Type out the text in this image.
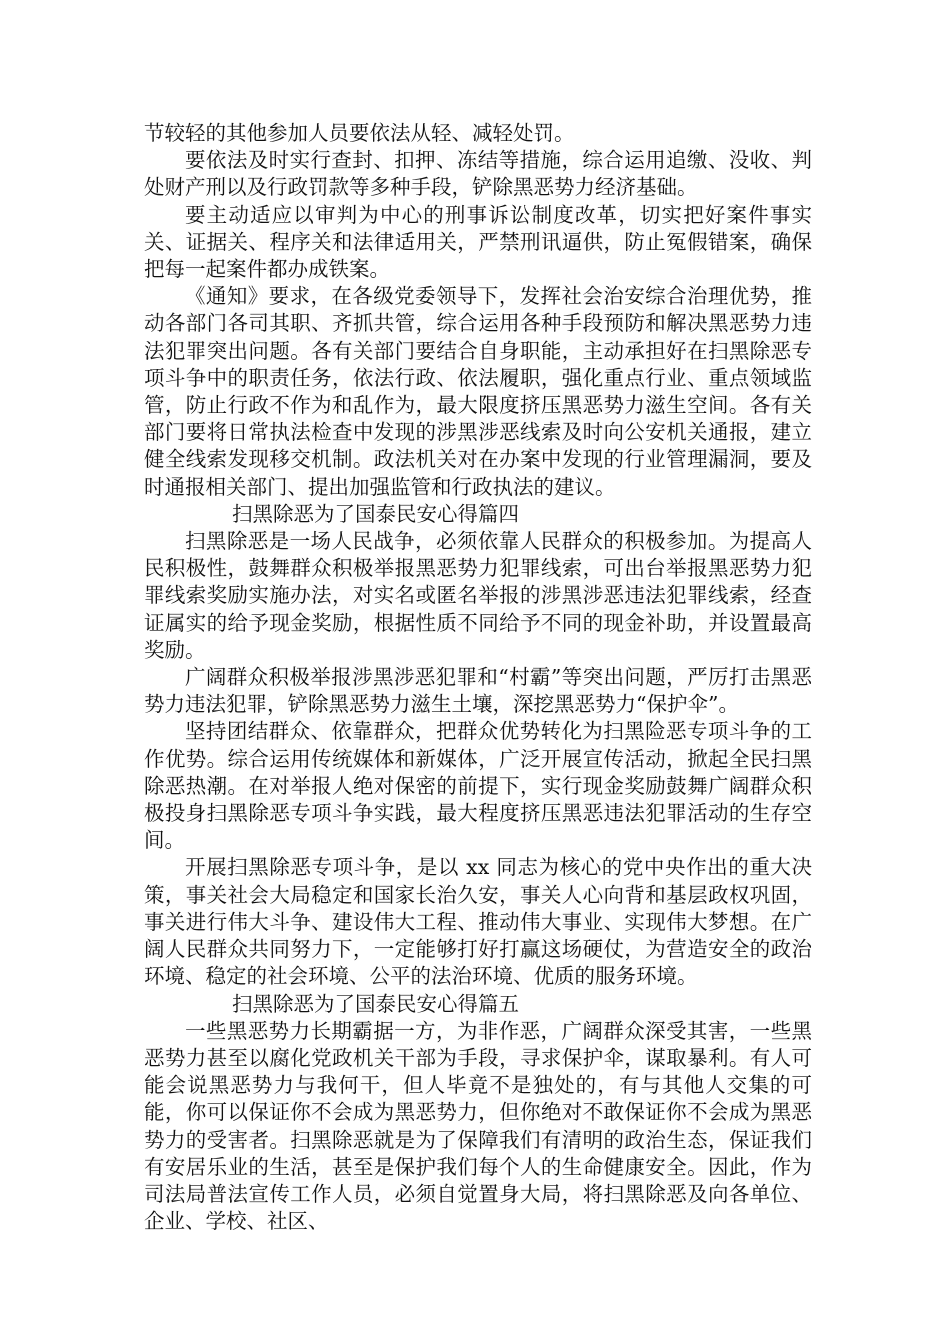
节较轻的其他参加人员要依法从轻、减轻处罚。

要依法及时实行查封、扣押、冻结等措施，综合运用追缴、没收、判处财产刑以及行政罚款等多种手段，铲除黑恶势力经济基础。

要主动适应以审判为中心的刑事诉讼制度改革，切实把好案件事实关、证据关、程序关和法律适用关，严禁刑讯逼供，防止冤假错案，确保把每一起案件都办成铁案。

《通知》要求，在各级党委领导下，发挥社会治安综合治理优势，推动各部门各司其职、齐抓共管，综合运用各种手段预防和解决黑恶势力违法犯罪突出问题。各有关部门要结合自身职能，主动承担好在扫黑除恶专项斗争中的职责任务，依法行政、依法履职，强化重点行业、重点领域监管，防止行政不作为和乱作为，最大限度挤压黑恶势力滋生空间。各有关部门要将日常执法检查中发现的涉黑涉恶线索及时向公安机关通报，建立健全线索发现移交机制。政法机关对在办案中发现的行业管理漏洞，要及时通报相关部门、提出加强监管和行政执法的建议。

扫黑除恶为了国泰民安心得篇四

扫黑除恶是一场人民战争，必须依靠人民群众的积极参加。为提高人民积极性，鼓舞群众积极举报黑恶势力犯罪线索，可出台举报黑恶势力犯罪线索奖励实施办法，对实名或匿名举报的涉黑涉恶违法犯罪线索，经查证属实的给予现金奖励，根据性质不同给予不同的现金补助，并设置最高奖励。

广阔群众积极举报涉黑涉恶犯罪和“村霸”等突出问题，严厉打击黑恶势力违法犯罪，铲除黑恶势力滋生土壤，深挖黑恶势力“保护伞”。

坚持团结群众、依靠群众，把群众优势转化为扫黑险恶专项斗争的工作优势。综合运用传统媒体和新媒体，广泛开展宣传活动，掀起全民扫黑除恶热潮。在对举报人绝对保密的前提下，实行现金奖励鼓舞广阔群众积极投身扫黑除恶专项斗争实践，最大程度挤压黑恶违法犯罪活动的生存空间。

开展扫黑除恶专项斗争，是以 xx 同志为核心的党中央作出的重大决策，事关社会大局稳定和国家长治久安，事关人心向背和基层政权巩固，事关进行伟大斗争、建设伟大工程、推动伟大事业、实现伟大梦想。在广阔人民群众共同努力下，一定能够打好打赢这场硬仗，为营造安全的政治环境、稳定的社会环境、公平的法治环境、优质的服务环境。

扫黑除恶为了国泰民安心得篇五

一些黑恶势力长期霸据一方，为非作恶，广阔群众深受其害，一些黑恶势力甚至以腐化党政机关干部为手段，寻求保护伞，谋取暴利。有人可能会说黑恶势力与我何干，但人毕竟不是独处的，有与其他人交集的可能，你可以保证你不会成为黑恶势力，但你绝对不敢保证你不会成为黑恶势力的受害者。扫黑除恶就是为了保障我们有清明的政治生态，保证我们有安居乐业的生活，甚至是保护我们每个人的生命健康安全。因此，作为司法局普法宣传工作人员，必须自觉置身大局，将扫黑除恶及向各单位、企业、学校、社区、
